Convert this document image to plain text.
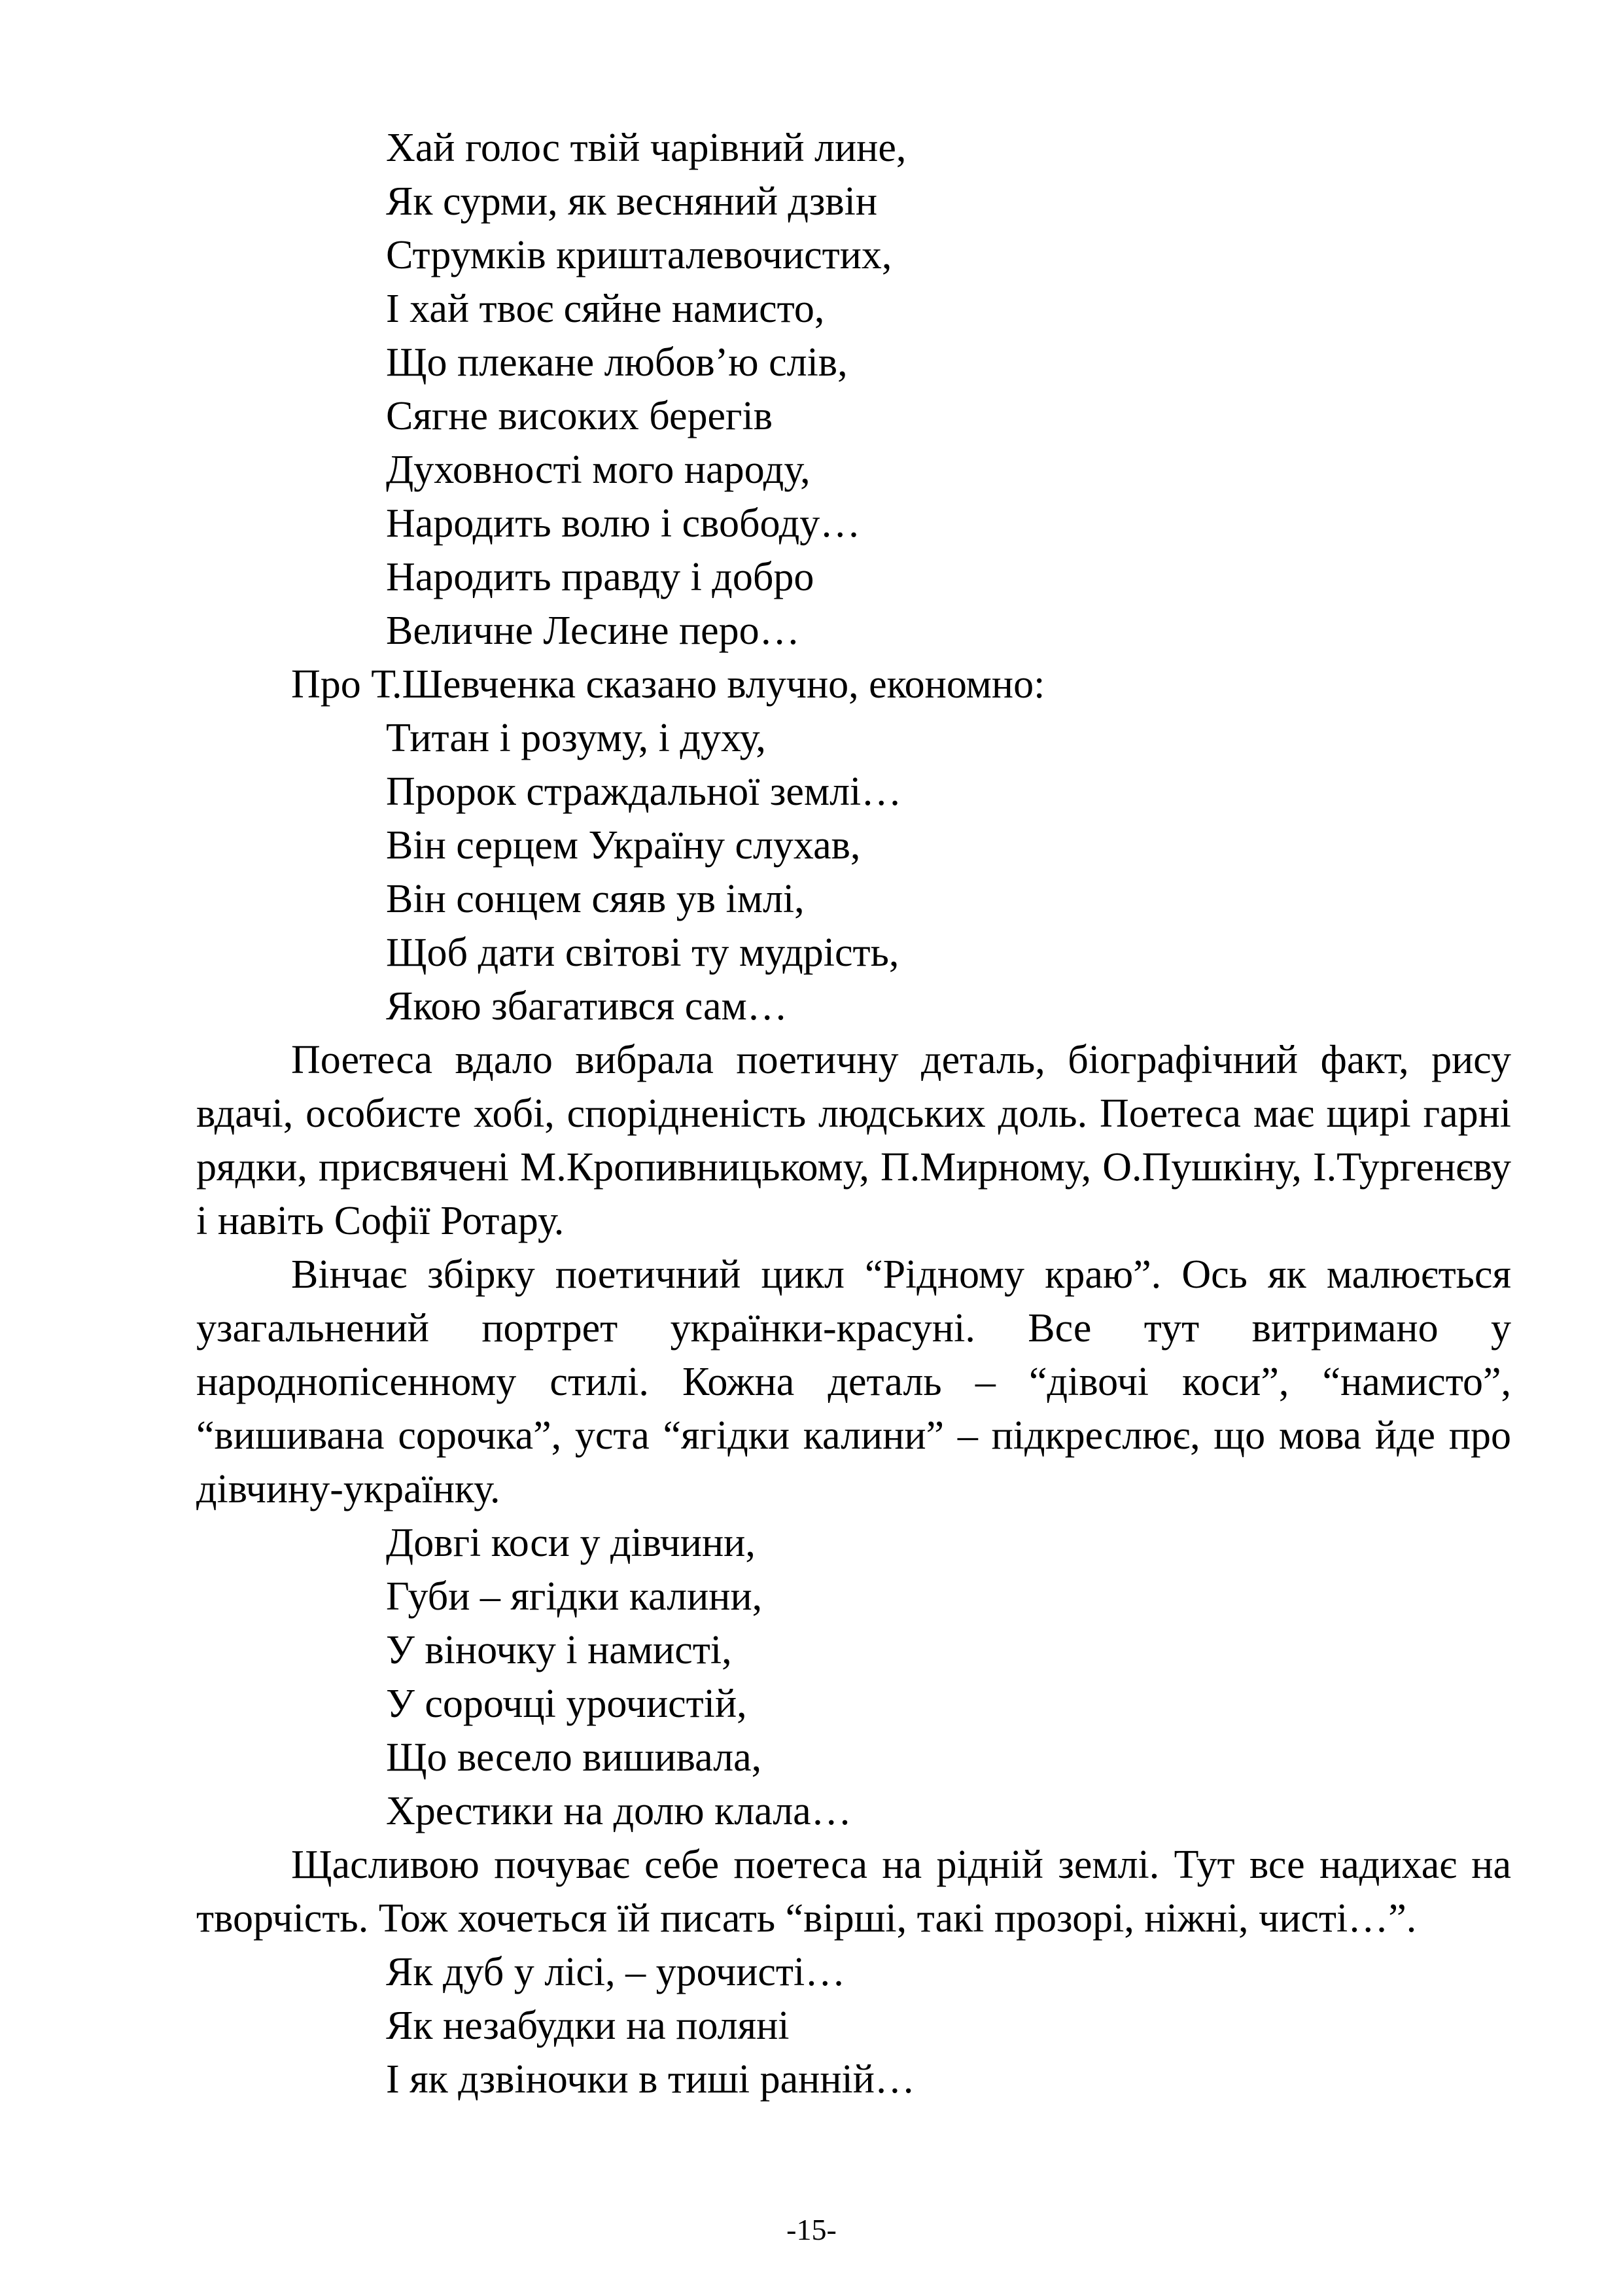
Хай голос твій чарівний лине,
Як сурми, як весняний дзвін
Струмків кришталевочистих,
І хай твоє сяйне намисто,
Що плекане любов’ю слів,
Сягне високих берегів
Духовності мого народу,
Народить волю і свободу…
Народить правду і добро
Величне Лесине перо…
Про Т.Шевченка сказано влучно, економно:
Титан і розуму, і духу,
Пророк страждальної землі…
Він серцем Україну слухав,
Він сонцем сяяв ув імлі,
Щоб дати світові ту мудрість,
Якою збагатився сам…

Поетеса вдало вибрала поетичну деталь, біографічний факт, рису вдачі, особисте хобі, спорідненість людських доль. Поетеса має щирі гарні рядки, присвячені М.Кропивницькому, П.Мирному, О.Пушкіну, І.Тургенєву і навіть Софії Ротару.

Вінчає збірку поетичний цикл “Рідному краю”. Ось як малюється узагальнений портрет українки-красуні. Все тут витримано у народнопісенному стилі. Кожна деталь – “дівочі коси”, “намисто”, “вишивана сорочка”, уста “ягідки калини” – підкреслює, що мова йде про дівчину-українку.

Довгі коси у дівчини,
Губи – ягідки калини,
У віночку і намисті,
У сорочці урочистій,
Що весело вишивала,
Хрестики на долю клала…

Щасливою почуває себе поетеса на рідній землі. Тут все надихає на творчість. Тож хочеться їй писать “вірші, такі прозорі, ніжні, чисті…”.

Як дуб у лісі, – урочисті…
Як незабудки на поляні
І як дзвіночки в тиші ранній…
-15-
